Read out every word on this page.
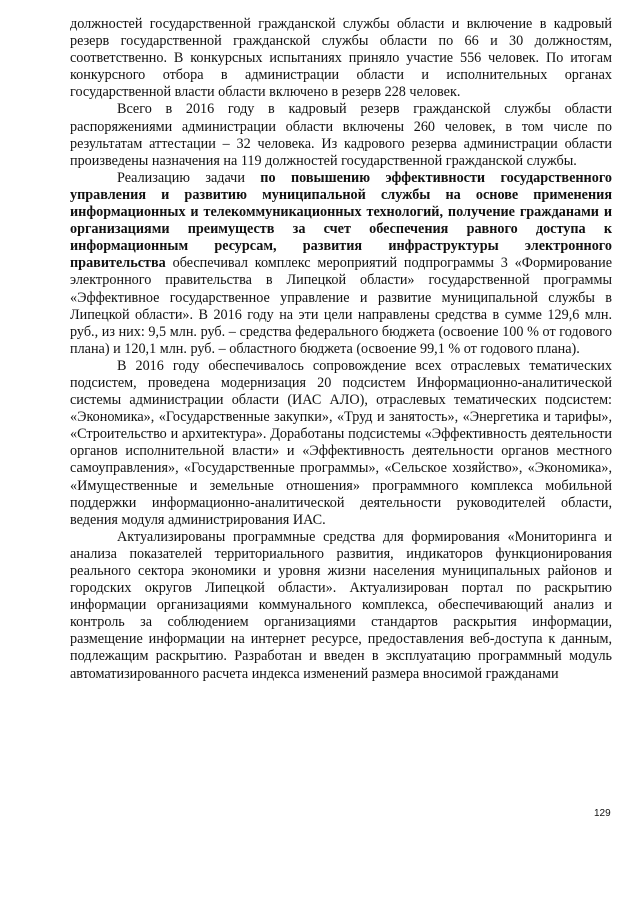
должностей государственной гражданской службы области и включение в кадровый резерв государственной гражданской службы области по 66 и 30 должностям, соответственно. В конкурсных испытаниях приняло участие 556 человек. По итогам конкурсного отбора в администрации области и исполнительных органах государственной власти области включено в резерв 228 человек.

Всего в 2016 году в кадровый резерв гражданской службы области распоряжениями администрации области включены 260 человек, в том числе по результатам аттестации – 32 человека. Из кадрового резерва администрации области произведены назначения на 119 должностей государственной гражданской службы.

Реализацию задачи по повышению эффективности государственного управления и развитию муниципальной службы на основе применения информационных и телекоммуникационных технологий, получение гражданами и организациями преимуществ за счет обеспечения равного доступа к информационным ресурсам, развития инфраструктуры электронного правительства обеспечивал комплекс мероприятий подпрограммы 3 «Формирование электронного правительства в Липецкой области» государственной программы «Эффективное государственное управление и развитие муниципальной службы в Липецкой области». В 2016 году на эти цели направлены средства в сумме 129,6 млн. руб., из них: 9,5 млн. руб. – средства федерального бюджета (освоение 100 % от годового плана) и 120,1 млн. руб. – областного бюджета (освоение 99,1 % от годового плана).

В 2016 году обеспечивалось сопровождение всех отраслевых тематических подсистем, проведена модернизация 20 подсистем Информационно-аналитической системы администрации области (ИАС АЛО), отраслевых тематических подсистем: «Экономика», «Государственные закупки», «Труд и занятость», «Энергетика и тарифы», «Строительство и архитектура». Доработаны подсистемы «Эффективность деятельности органов исполнительной власти» и «Эффективность деятельности органов местного самоуправления», «Государственные программы», «Сельское хозяйство», «Экономика», «Имущественные и земельные отношения» программного комплекса мобильной поддержки информационно-аналитической деятельности руководителей области, ведения модуля администрирования ИАС.

Актуализированы программные средства для формирования «Мониторинга и анализа показателей территориального развития, индикаторов функционирования реального сектора экономики и уровня жизни населения муниципальных районов и городских округов Липецкой области». Актуализирован портал по раскрытию информации организациями коммунального комплекса, обеспечивающий анализ и контроль за соблюдением организациями стандартов раскрытия информации, размещение информации на интернет ресурсе, предоставления веб-доступа к данным, подлежащим раскрытию. Разработан и введен в эксплуатацию программный модуль автоматизированного расчета индекса изменений размера вносимой гражданами

129
